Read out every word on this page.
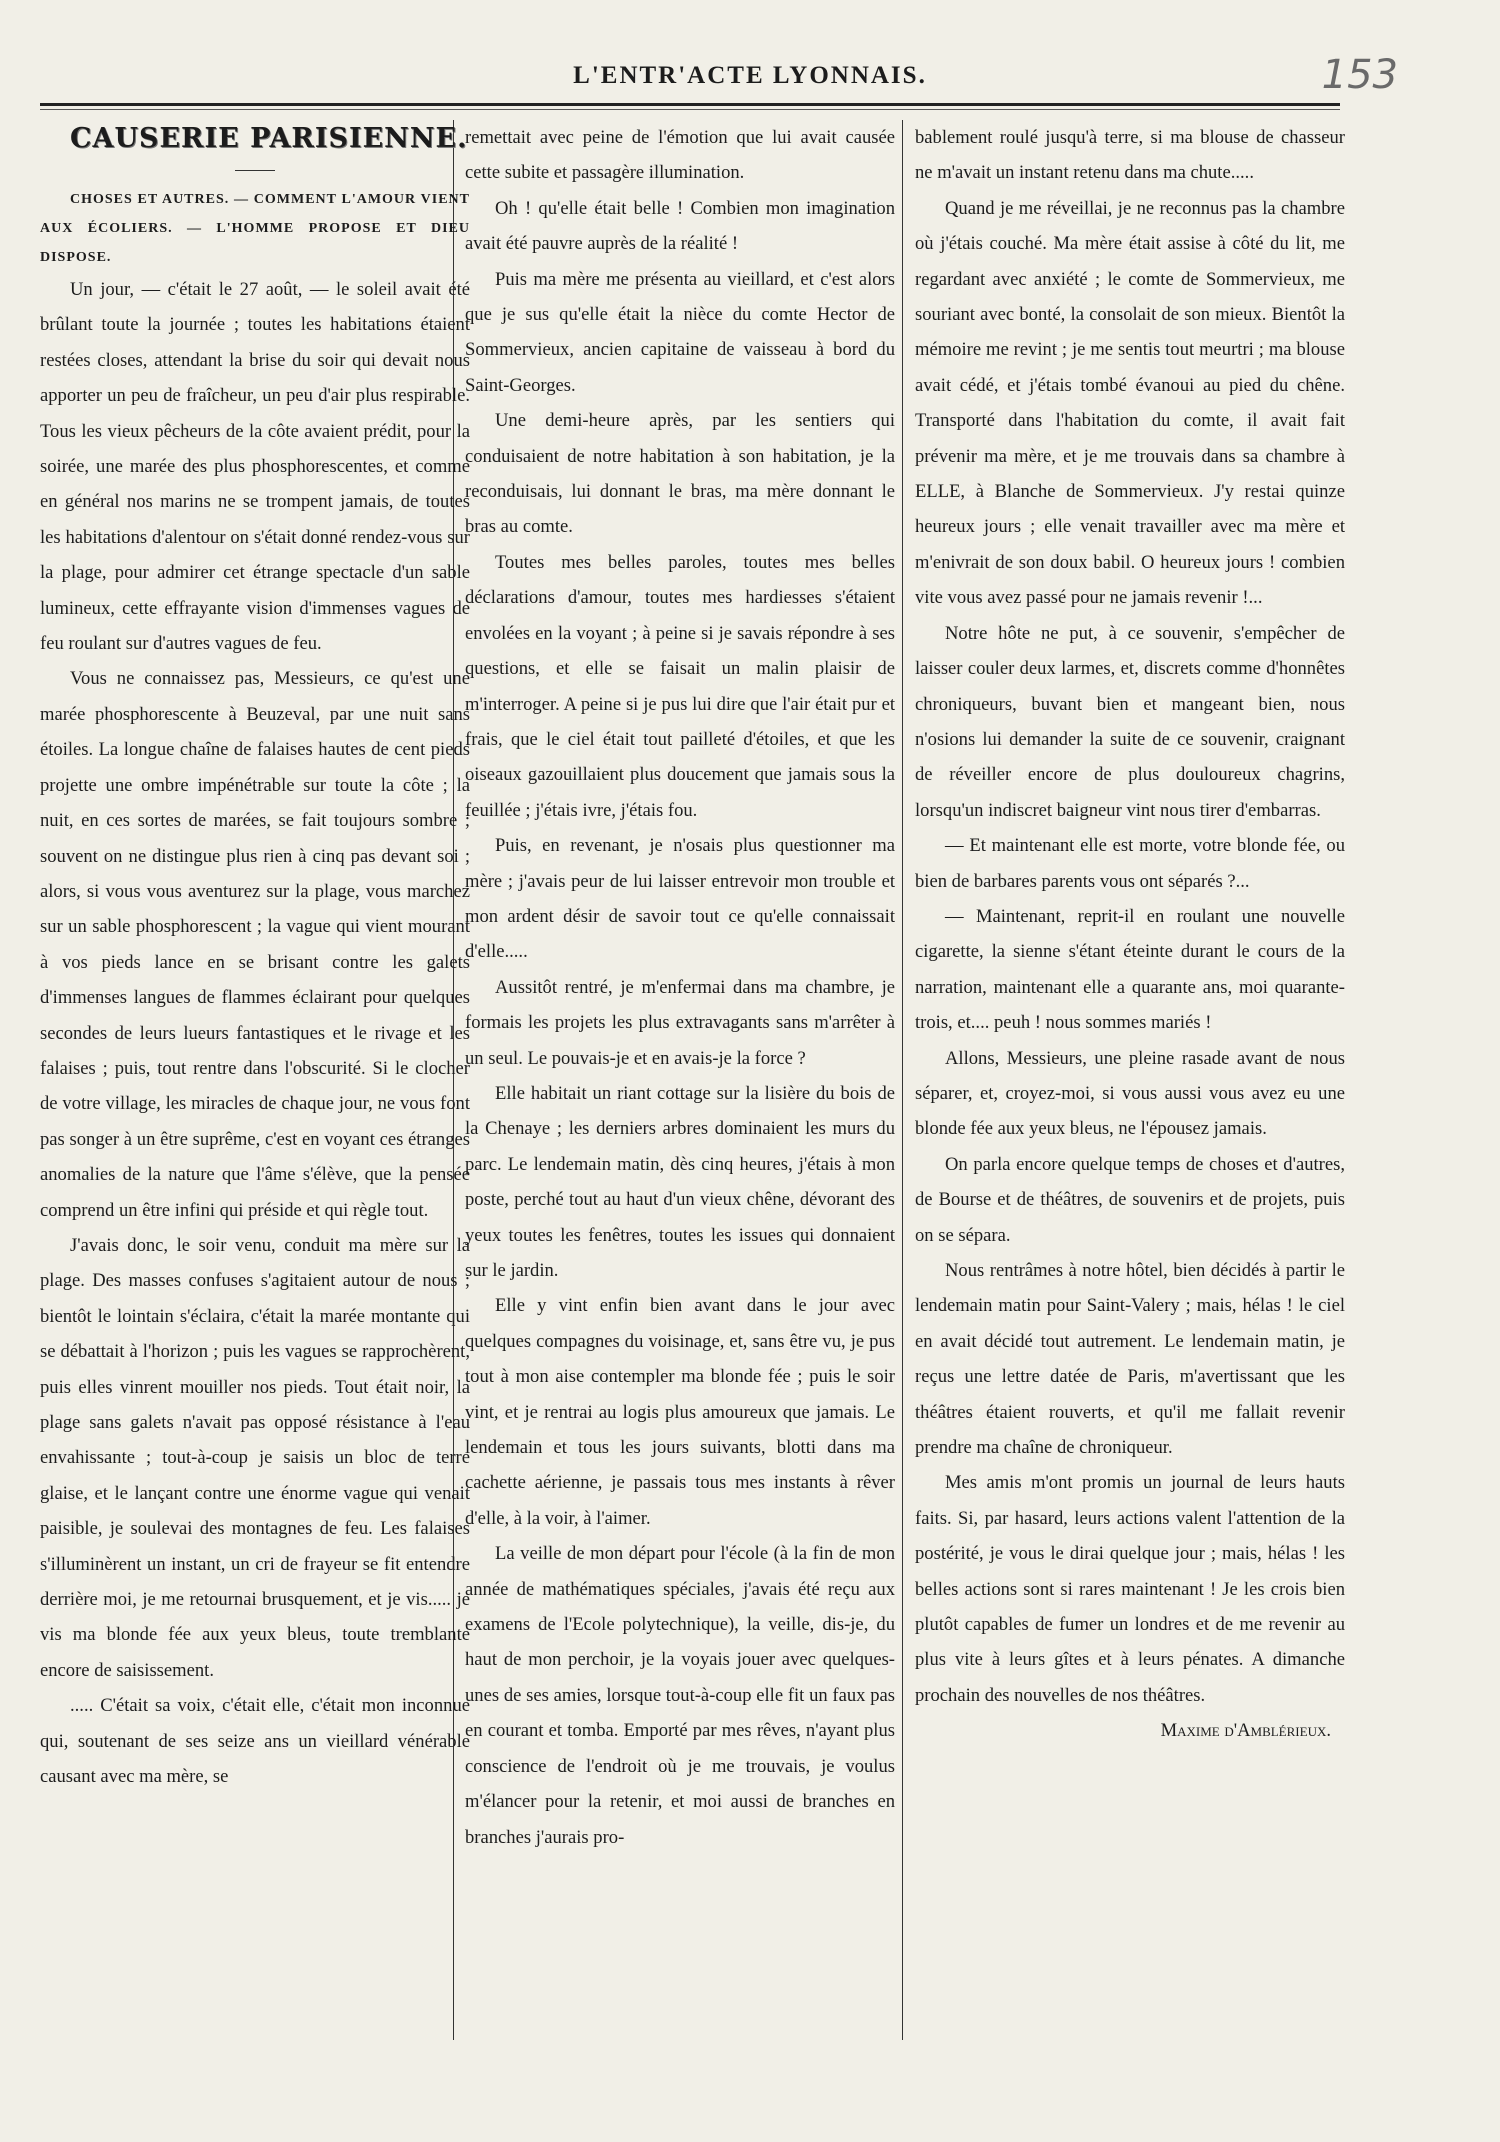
L'ENTR'ACTE LYONNAIS.	153

CAUSERIE PARISIENNE.

CHOSES ET AUTRES. — COMMENT L'AMOUR VIENT AUX ÉCOLIERS. — L'HOMME PROPOSE ET DIEU DISPOSE.

Un jour, — c'était le 27 août, — le soleil avait été brûlant toute la journée ; toutes les habitations étaient restées closes, attendant la brise du soir qui devait nous apporter un peu de fraîcheur, un peu d'air plus respirable. Tous les vieux pêcheurs de la côte avaient prédit, pour la soirée, une marée des plus phosphorescentes, et comme en général nos marins ne se trompent jamais, de toutes les habitations d'alentour on s'était donné rendez-vous sur la plage, pour admirer cet étrange spectacle d'un sable lumineux, cette effrayante vision d'immenses vagues de feu roulant sur d'autres vagues de feu.

Vous ne connaissez pas, Messieurs, ce qu'est une marée phosphorescente à Beuzeval, par une nuit sans étoiles. La longue chaîne de falaises hautes de cent pieds projette une ombre impénétrable sur toute la côte ; la nuit, en ces sortes de marées, se fait toujours sombre ; souvent on ne distingue plus rien à cinq pas devant soi ; alors, si vous vous aventurez sur la plage, vous marchez sur un sable phosphorescent ; la vague qui vient mourant à vos pieds lance en se brisant contre les galets d'immenses langues de flammes éclairant pour quelques secondes de leurs lueurs fantastiques et le rivage et les falaises ; puis, tout rentre dans l'obscurité. Si le clocher de votre village, les miracles de chaque jour, ne vous font pas songer à un être suprême, c'est en voyant ces étranges anomalies de la nature que l'âme s'élève, que la pensée comprend un être infini qui préside et qui règle tout.

J'avais donc, le soir venu, conduit ma mère sur la plage. Des masses confuses s'agitaient autour de nous ; bientôt le lointain s'éclaira, c'était la marée montante qui se débattait à l'horizon ; puis les vagues se rapprochèrent, puis elles vinrent mouiller nos pieds. Tout était noir, la plage sans galets n'avait pas opposé résistance à l'eau envahissante ; tout-à-coup je saisis un bloc de terre glaise, et le lançant contre une énorme vague qui venait paisible, je soulevai des montagnes de feu. Les falaises s'illuminèrent un instant, un cri de frayeur se fit entendre derrière moi, je me retournai brusquement, et je vis..... je vis ma blonde fée aux yeux bleus, toute tremblante encore de saisissement.

..... C'était sa voix, c'était elle, c'était mon inconnue qui, soutenant de ses seize ans un vieillard vénérable causant avec ma mère, se

remettait avec peine de l'émotion que lui avait causée cette subite et passagère illumination.

Oh ! qu'elle était belle ! Combien mon imagination avait été pauvre auprès de la réalité !

Puis ma mère me présenta au vieillard, et c'est alors que je sus qu'elle était la nièce du comte Hector de Sommervieux, ancien capitaine de vaisseau à bord du Saint-Georges.

Une demi-heure après, par les sentiers qui conduisaient de notre habitation à son habitation, je la reconduisais, lui donnant le bras, ma mère donnant le bras au comte.

Toutes mes belles paroles, toutes mes belles déclarations d'amour, toutes mes hardiesses s'étaient envolées en la voyant ; à peine si je savais répondre à ses questions, et elle se faisait un malin plaisir de m'interroger. A peine si je pus lui dire que l'air était pur et frais, que le ciel était tout pailleté d'étoiles, et que les oiseaux gazouillaient plus doucement que jamais sous la feuillée ; j'étais ivre, j'étais fou.

Puis, en revenant, je n'osais plus questionner ma mère ; j'avais peur de lui laisser entrevoir mon trouble et mon ardent désir de savoir tout ce qu'elle connaissait d'elle.....

Aussitôt rentré, je m'enfermai dans ma chambre, je formais les projets les plus extravagants sans m'arrêter à un seul. Le pouvais-je et en avais-je la force ?

Elle habitait un riant cottage sur la lisière du bois de la Chenaye ; les derniers arbres dominaient les murs du parc. Le lendemain matin, dès cinq heures, j'étais à mon poste, perché tout au haut d'un vieux chêne, dévorant des yeux toutes les fenêtres, toutes les issues qui donnaient sur le jardin.

Elle y vint enfin bien avant dans le jour avec quelques compagnes du voisinage, et, sans être vu, je pus tout à mon aise contempler ma blonde fée ; puis le soir vint, et je rentrai au logis plus amoureux que jamais. Le lendemain et tous les jours suivants, blotti dans ma cachette aérienne, je passais tous mes instants à rêver d'elle, à la voir, à l'aimer.

La veille de mon départ pour l'école (à la fin de mon année de mathématiques spéciales, j'avais été reçu aux examens de l'Ecole polytechnique), la veille, dis-je, du haut de mon perchoir, je la voyais jouer avec quelques-unes de ses amies, lorsque tout-à-coup elle fit un faux pas en courant et tomba. Emporté par mes rêves, n'ayant plus conscience de l'endroit où je me trouvais, je voulus m'élancer pour la retenir, et moi aussi de branches en branches j'aurais pro-

bablement roulé jusqu'à terre, si ma blouse de chasseur ne m'avait un instant retenu dans ma chute.....

Quand je me réveillai, je ne reconnus pas la chambre où j'étais couché. Ma mère était assise à côté du lit, me regardant avec anxiété ; le comte de Sommervieux, me souriant avec bonté, la consolait de son mieux. Bientôt la mémoire me revint ; je me sentis tout meurtri ; ma blouse avait cédé, et j'étais tombé évanoui au pied du chêne. Transporté dans l'habitation du comte, il avait fait prévenir ma mère, et je me trouvais dans sa chambre à ELLE, à Blanche de Sommervieux. J'y restai quinze heureux jours ; elle venait travailler avec ma mère et m'enivrait de son doux babil. O heureux jours ! combien vite vous avez passé pour ne jamais revenir !...

Notre hôte ne put, à ce souvenir, s'empêcher de laisser couler deux larmes, et, discrets comme d'honnêtes chroniqueurs, buvant bien et mangeant bien, nous n'osions lui demander la suite de ce souvenir, craignant de réveiller encore de plus douloureux chagrins, lorsqu'un indiscret baigneur vint nous tirer d'embarras.

— Et maintenant elle est morte, votre blonde fée, ou bien de barbares parents vous ont séparés ?...

— Maintenant, reprit-il en roulant une nouvelle cigarette, la sienne s'étant éteinte durant le cours de la narration, maintenant elle a quarante ans, moi quarante-trois, et.... peuh ! nous sommes mariés !

Allons, Messieurs, une pleine rasade avant de nous séparer, et, croyez-moi, si vous aussi vous avez eu une blonde fée aux yeux bleus, ne l'épousez jamais.

On parla encore quelque temps de choses et d'autres, de Bourse et de théâtres, de souvenirs et de projets, puis on se sépara.

Nous rentrâmes à notre hôtel, bien décidés à partir le lendemain matin pour Saint-Valery ; mais, hélas ! le ciel en avait décidé tout autrement. Le lendemain matin, je reçus une lettre datée de Paris, m'avertissant que les théâtres étaient rouverts, et qu'il me fallait revenir prendre ma chaîne de chroniqueur.

Mes amis m'ont promis un journal de leurs hauts faits. Si, par hasard, leurs actions valent l'attention de la postérité, je vous le dirai quelque jour ; mais, hélas ! les belles actions sont si rares maintenant ! Je les crois bien plutôt capables de fumer un londres et de me revenir au plus vite à leurs gîtes et à leurs pénates. A dimanche prochain des nouvelles de nos théâtres.

Maxime d'Amblérieux.
